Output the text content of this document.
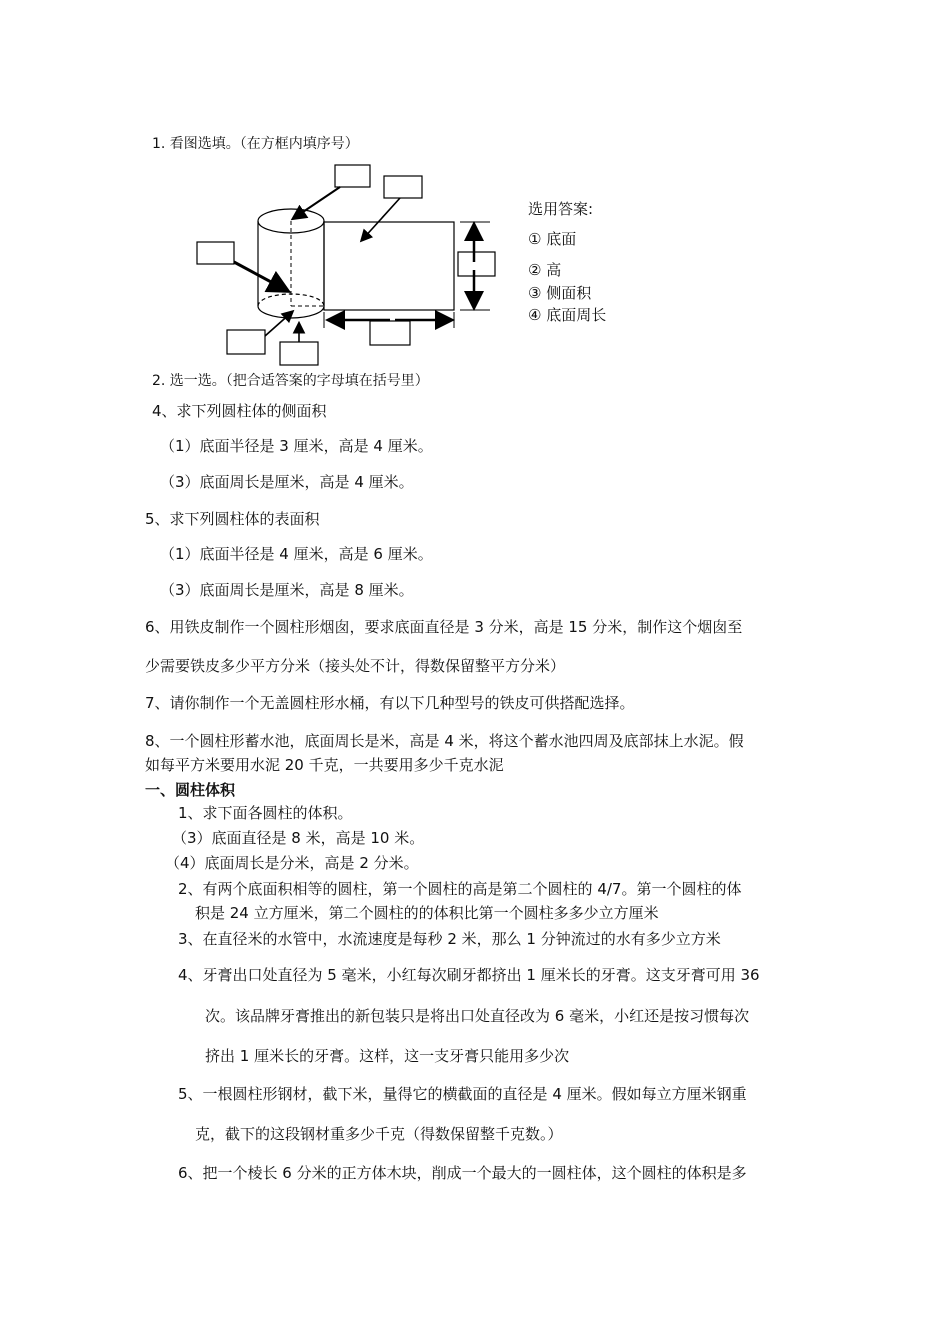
1. 看图选填。（在方框内填序号）
选用答案:
① 底面
② 高
③ 侧面积
④ 底面周长
2. 选一选。（把合适答案的字母填在括号里）
4、求下列圆柱体的侧面积
（1）底面半径是 3 厘米，高是 4 厘米。
（3）底面周长是厘米，高是 4 厘米。
5、求下列圆柱体的表面积
（1）底面半径是 4 厘米，高是 6 厘米。
（3）底面周长是厘米，高是 8 厘米。
6、用铁皮制作一个圆柱形烟囱，要求底面直径是 3 分米，高是 15 分米，制作这个烟囱至
少需要铁皮多少平方分米（接头处不计，得数保留整平方分米）
7、请你制作一个无盖圆柱形水桶，有以下几种型号的铁皮可供搭配选择。
8、一个圆柱形蓄水池，底面周长是米，高是 4 米，将这个蓄水池四周及底部抹上水泥。假
如每平方米要用水泥 20 千克，一共要用多少千克水泥
一、圆柱体积
1、求下面各圆柱的体积。
（3）底面直径是 8 米，高是 10 米。
（4）底面周长是分米，高是 2 分米。
2、有两个底面积相等的圆柱，第一个圆柱的高是第二个圆柱的 4/7。第一个圆柱的体
积是 24 立方厘米，第二个圆柱的的体积比第一个圆柱多多少立方厘米
3、在直径米的水管中，水流速度是每秒 2 米，那么 1 分钟流过的水有多少立方米
4、牙膏出口处直径为 5 毫米，小红每次刷牙都挤出 1 厘米长的牙膏。这支牙膏可用 36
次。该品牌牙膏推出的新包装只是将出口处直径改为 6 毫米，小红还是按习惯每次
挤出 1 厘米长的牙膏。这样，这一支牙膏只能用多少次
5、一根圆柱形钢材，截下米，量得它的横截面的直径是 4 厘米。假如每立方厘米钢重
克，截下的这段钢材重多少千克（得数保留整千克数。）
6、把一个棱长 6 分米的正方体木块，削成一个最大的一圆柱体，这个圆柱的体积是多
